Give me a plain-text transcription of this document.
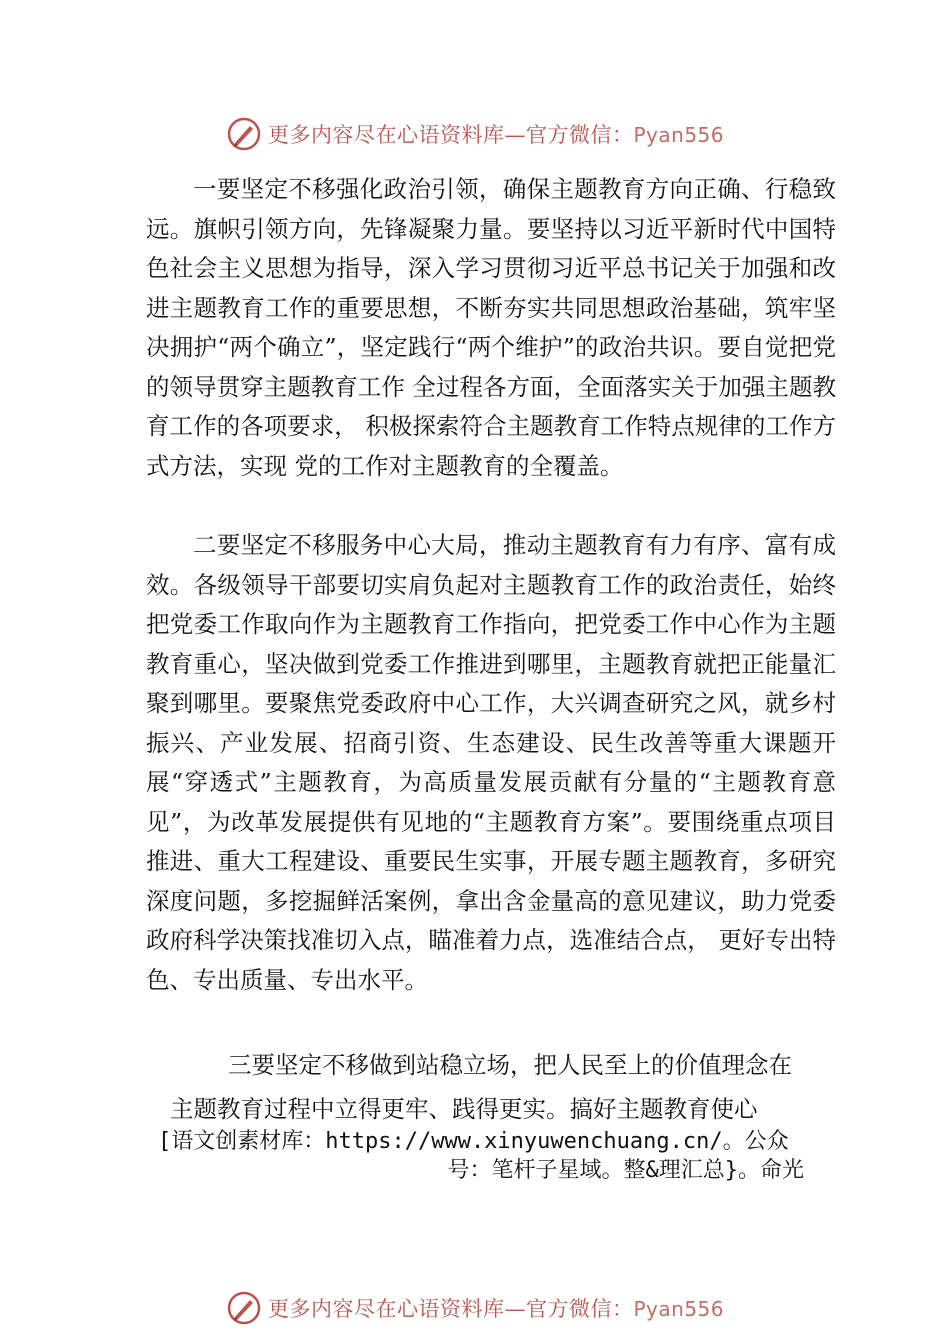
更多内容尽在心语资料库—官方微信：Pyan556

一要坚定不移强化政治引领，确保主题教育方向正确、行稳致远。旗帜引领方向，先锋凝聚力量。要坚持以习近平新时代中国特色社会主义思想为指导，深入学习贯彻习近平总书记关于加强和改进主题教育工作的重要思想，不断夯实共同思想政治基础，筑牢坚决拥护“两个确立”，坚定践行“两个维护”的政治共识。要自觉把党的领导贯穿主题教育工作 全过程各方面，全面落实关于加强主题教育工作的各项要求， 积极探索符合主题教育工作特点规律的工作方式方法，实现 党的工作对主题教育的全覆盖。

二要坚定不移服务中心大局，推动主题教育有力有序、富有成效。各级领导干部要切实肩负起对主题教育工作的政治责任，始终把党委工作取向作为主题教育工作指向，把党委工作中心作为主题教育重心，坚决做到党委工作推进到哪里，主题教育就把正能量汇聚到哪里。要聚焦党委政府中心工作，大兴调查研究之风，就乡村振兴、产业发展、招商引资、生态建设、民生改善等重大课题开展“穿透式”主题教育，为高质量发展贡献有分量的“主题教育意见”，为改革发展提供有见地的“主题教育方案”。要围绕重点项目推进、重大工程建设、重要民生实事，开展专题主题教育，多研究深度问题，多挖掘鲜活案例，拿出含金量高的意见建议，助力党委政府科学决策找准切入点，瞄准着力点，选准结合点， 更好专出特色、专出质量、专出水平。

三要坚定不移做到站稳立场，把人民至上的价值理念在
主题教育过程中立得更牢、践得更实。搞好主题教育使心
[语文创素材库：https://www.xinyuwenchuang.cn/。公众
号：笔杆子星域。整&理汇总}。命光
更多内容尽在心语资料库—官方微信：Pyan556
